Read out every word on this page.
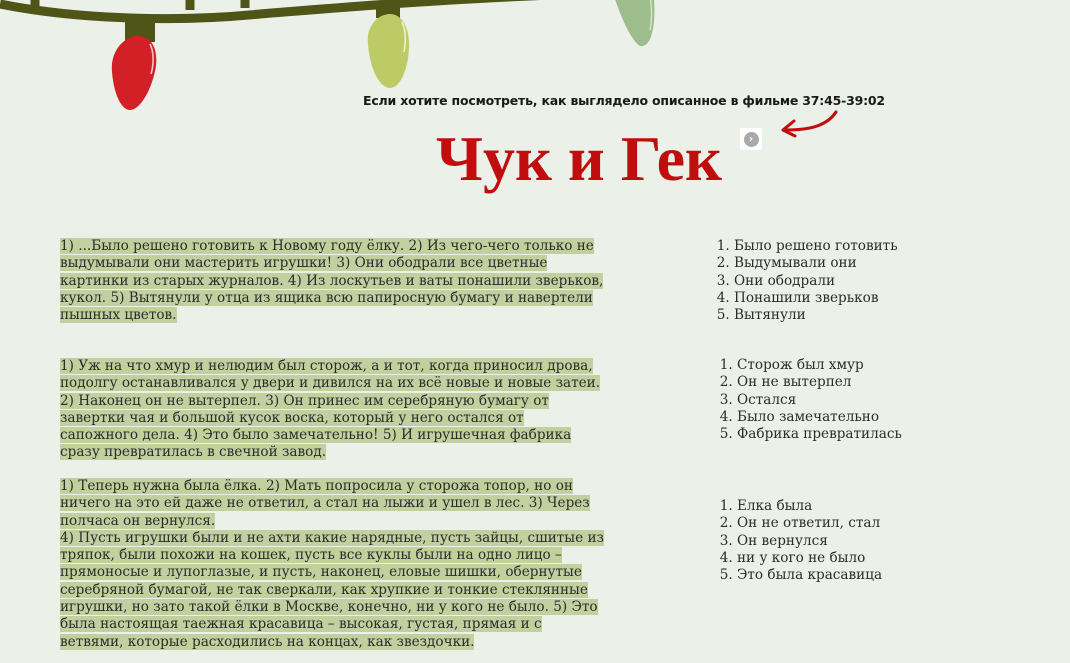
Если хотите посмотреть, как выглядело описанное в фильме 37:45-39:02
Чук и Гек	›
1) ...Было решено готовить к Новому году ёлку. 2) Из чего-чего только не выдумывали они мастерить игрушки! 3) Они ободрали все цветные картинки из старых журналов. 4) Из лоскутьев и ваты понашили зверьков, кукол. 5) Вытянули у отца из ящика всю папиросную бумагу и навертели пышных цветов.
1) Уж на что хмур и нелюдим был сторож, а и тот, когда приносил дрова, подолгу останавливался у двери и дивился на их всё новые и новые затеи. 2) Наконец он не вытерпел. 3) Он принес им серебряную бумагу от завертки чая и большой кусок воска, который у него остался от сапожного дела. 4) Это было замечательно! 5) И игрушечная фабрика сразу превратилась в свечной завод.
1) Теперь нужна была ёлка. 2) Мать попросила у сторожа топор, но он ничего на это ей даже не ответил, а стал на лыжи и ушел в лес. 3) Через полчаса он вернулся.
4) Пусть игрушки были и не ахти какие нарядные, пусть зайцы, сшитые из тряпок, были похожи на кошек, пусть все куклы были на одно лицо – прямоносые и лупоглазые, и пусть, наконец, еловые шишки, обернутые серебряной бумагой, не так сверкали, как хрупкие и тонкие стеклянные игрушки, но зато такой ёлки в Москве, конечно, ни у кого не было. 5) Это была настоящая таежная красавица – высокая, густая, прямая и с ветвями, которые расходились на концах, как звездочки.
1. Было решено готовить
2. Выдумывали они
3. Они ободрали
4. Понашили зверьков
5. Вытянули
1. Сторож был хмур
2. Он не вытерпел
3. Остался
4. Было замечательно
5. Фабрика превратилась
1. Елка была
2. Он не ответил, стал
3. Он вернулся
4. ни у кого не было
5. Это была красавица
